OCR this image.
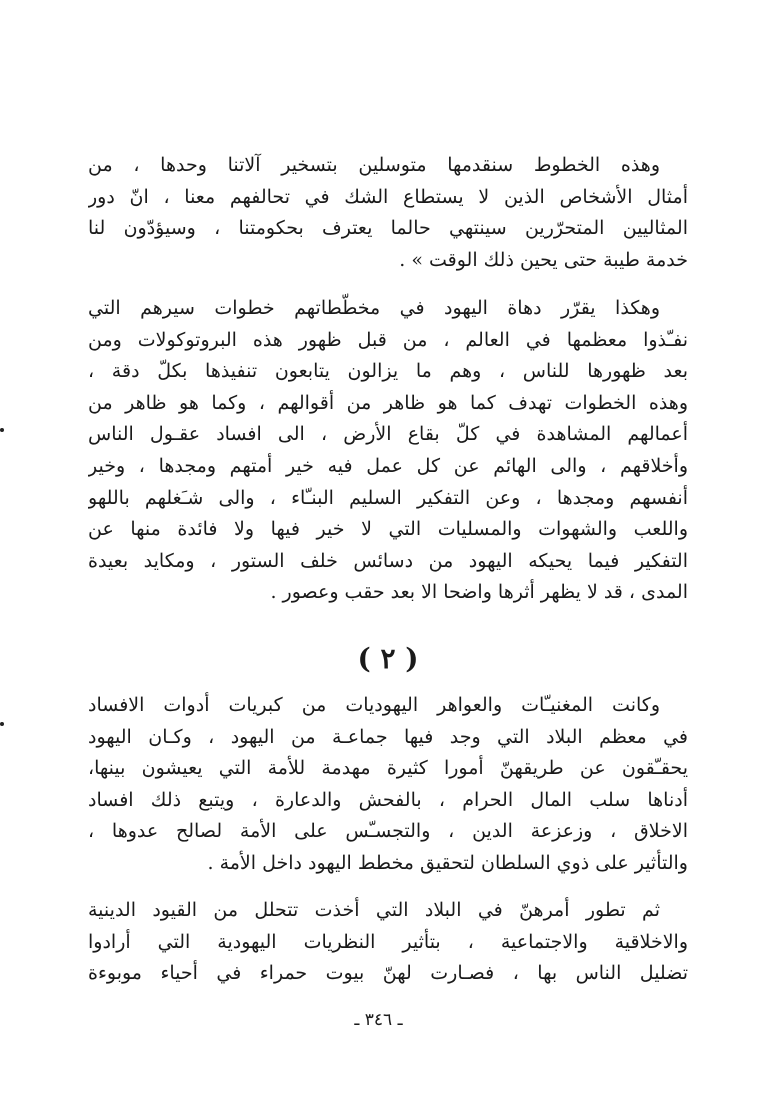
وهذه الخطوط سنقدمها متوسلين بتسخير آلاتنا وحدها ، من
أمثال الأشخاص الذين لا يستطاع الشك في تحالفهم معنا ، انّ دور
المثاليين المتحرّرين سينتهي حالما يعترف بحكومتنا ، وسيؤدّون لنا
خدمة طيبة حتى يحين ذلك الوقت » .
وهكذا يقرّر دهاة اليهود في مخطّطاتهم خطوات سيرهم التي
نفـّذوا معظمها في العالم ، من قبل ظهور هذه البروتوكولات ومن
بعد ظهورها للناس ، وهم ما يزالون يتابعون تنفيذها بكلّ دقة ،
وهذه الخطوات تهدف كما هو ظاهر من أقوالهم ، وكما هو ظاهر من
أعمالهم المشاهدة في كلّ بقاع الأرض ، الى افساد عقـول الناس
وأخلاقهم ، والى الهائم عن كل عمل فيه خير أمتهم ومجدها ، وخير
أنفسهم ومجدها ، وعن التفكير السليم البنـّاء ، والى شـَغلهم باللهو
واللعب والشهوات والمسليات التي لا خير فيها ولا فائدة منها عن
التفكير فيما يحيكه اليهود من دسائس خلف الستور ، ومكايد بعيدة
المدى ، قد لا يظهر أثرها واضحا الا بعد حقب وعصور .
( ٢ )
وكانت المغنيـّات والعواهر اليهوديات من كبريات أدوات الافساد
في معظم البلاد التي وجد فيها جماعـة من اليهود ، وكـان اليهود
يحقـّقون عن طريقهنّ أمورا كثيرة مهدمة للأمة التي يعيشون بينها،
أدناها سلب المال الحرام ، بالفحش والدعارة ، ويتبع ذلك افساد
الاخلاق ، وزعزعة الدين ، والتجسـّس على الأمة لصالح عدوها ،
والتأثير على ذوي السلطان لتحقيق مخطط اليهود داخل الأمة .
ثم تطور أمرهنّ في البلاد التي أخذت تتحلل من القيود الدينية
والاخلاقية والاجتماعية ، بتأثير النظريات اليهودية التي أرادوا
تضليل الناس بها ، فصـارت لهنّ بيوت حمراء في أحياء موبوءة
ـ ٣٤٦ ـ
